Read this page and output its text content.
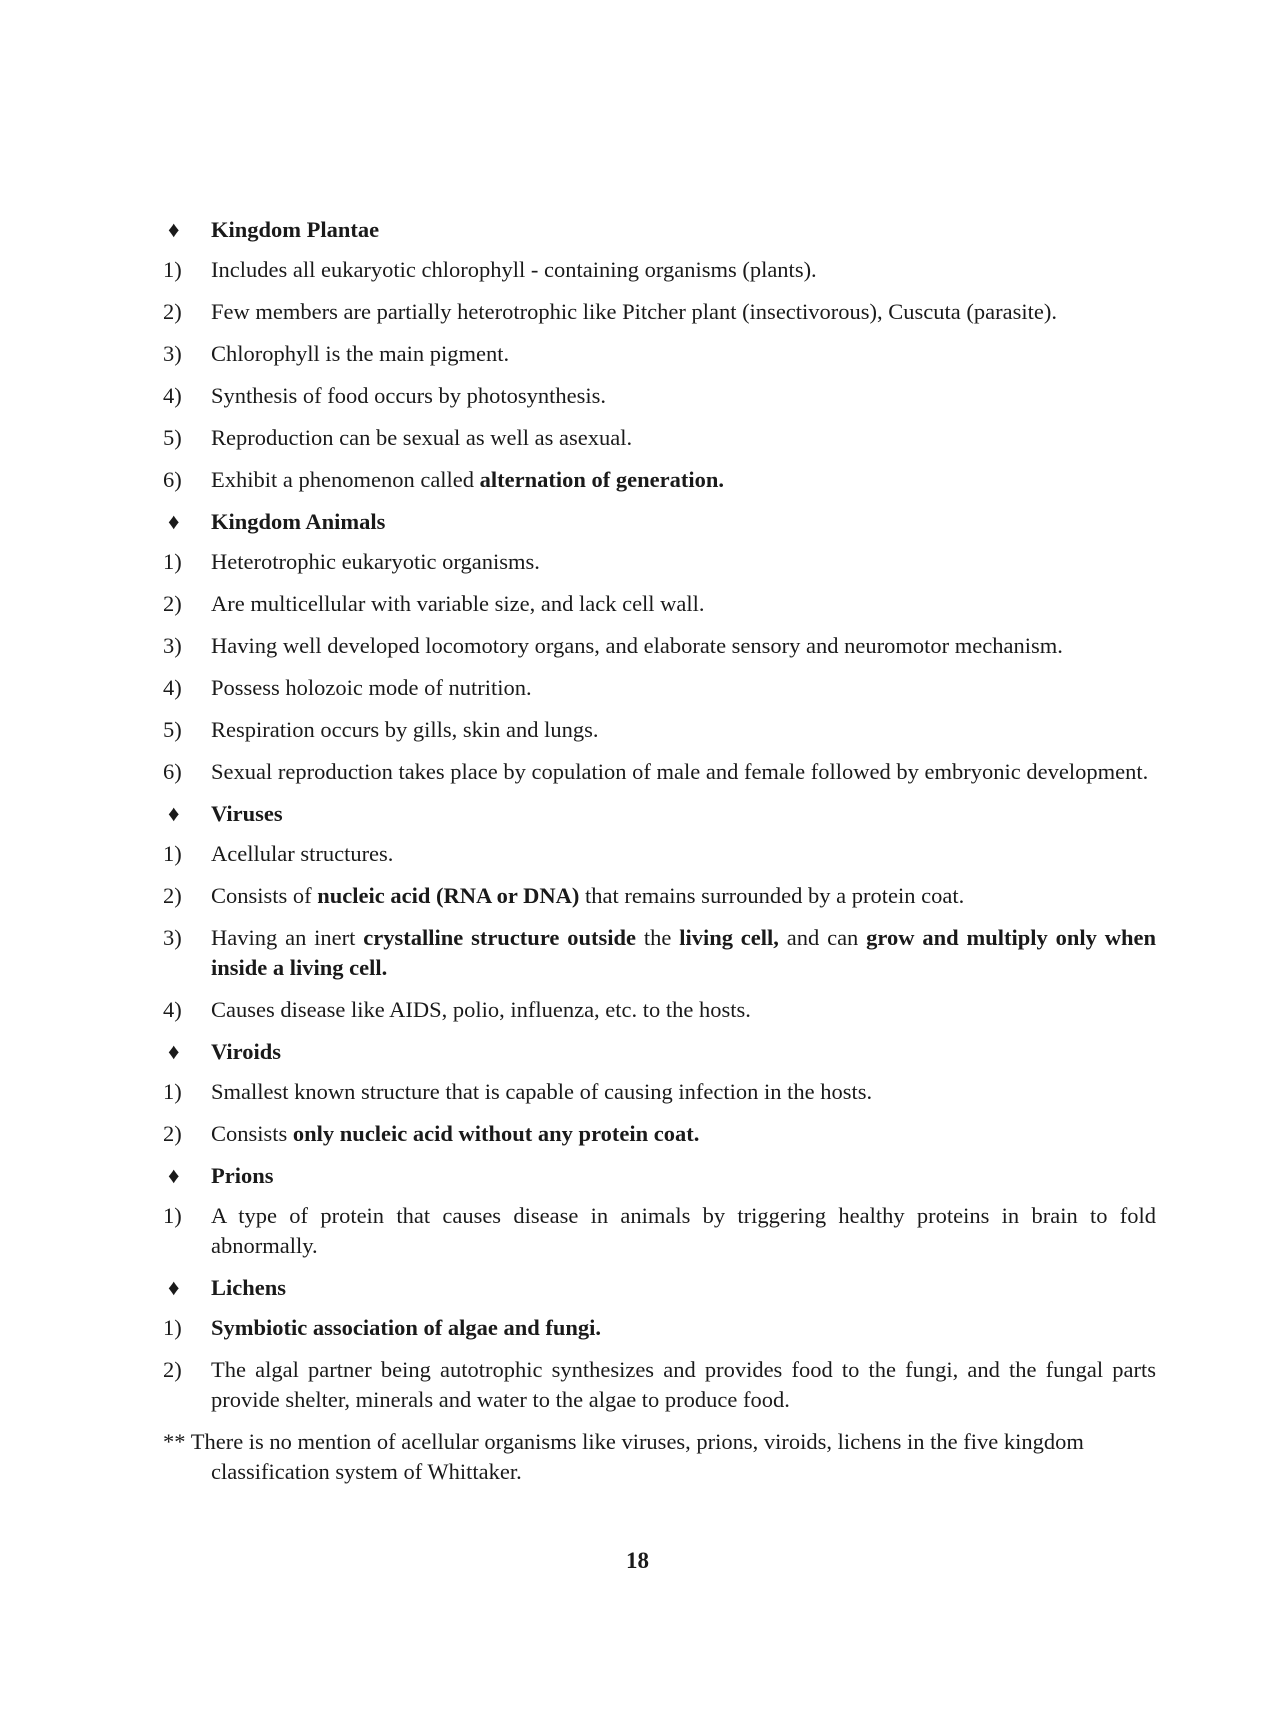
♦	Kingdom Plantae
1)	Includes all eukaryotic chlorophyll - containing organisms (plants).
2)	Few members are partially heterotrophic like Pitcher plant (insectivorous), Cuscuta (parasite).
3)	Chlorophyll is the main pigment.
4)	Synthesis of food occurs by photosynthesis.
5)	Reproduction can be sexual as well as asexual.
6)	Exhibit a phenomenon called alternation of generation.
♦	Kingdom Animals
1)	Heterotrophic eukaryotic organisms.
2)	Are multicellular with variable size, and lack cell wall.
3)	Having well developed locomotory organs, and elaborate sensory and neuromotor mechanism.
4)	Possess holozoic mode of nutrition.
5)	Respiration occurs by gills, skin and lungs.
6)	Sexual reproduction takes place by copulation of male and female followed by embryonic development.
♦	Viruses
1)	Acellular structures.
2)	Consists of nucleic acid (RNA or DNA) that remains surrounded by a protein coat.
3)	Having an inert crystalline structure outside the living cell, and can grow and multiply only when inside a living cell.
4)	Causes disease like AIDS, polio, influenza, etc. to the hosts.
♦	Viroids
1)	Smallest known structure that is capable of causing infection in the hosts.
2)	Consists only nucleic acid without any protein coat.
♦	Prions
1)	A type of protein that causes disease in animals by triggering healthy proteins in brain to fold abnormally.
♦	Lichens
1)	Symbiotic association of algae and fungi.
2)	The algal partner being autotrophic synthesizes and provides food to the fungi, and the fungal parts provide shelter, minerals and water to the algae to produce food.
** There is no mention of acellular organisms like viruses, prions, viroids, lichens in the five kingdom
classification system of Whittaker.
18
